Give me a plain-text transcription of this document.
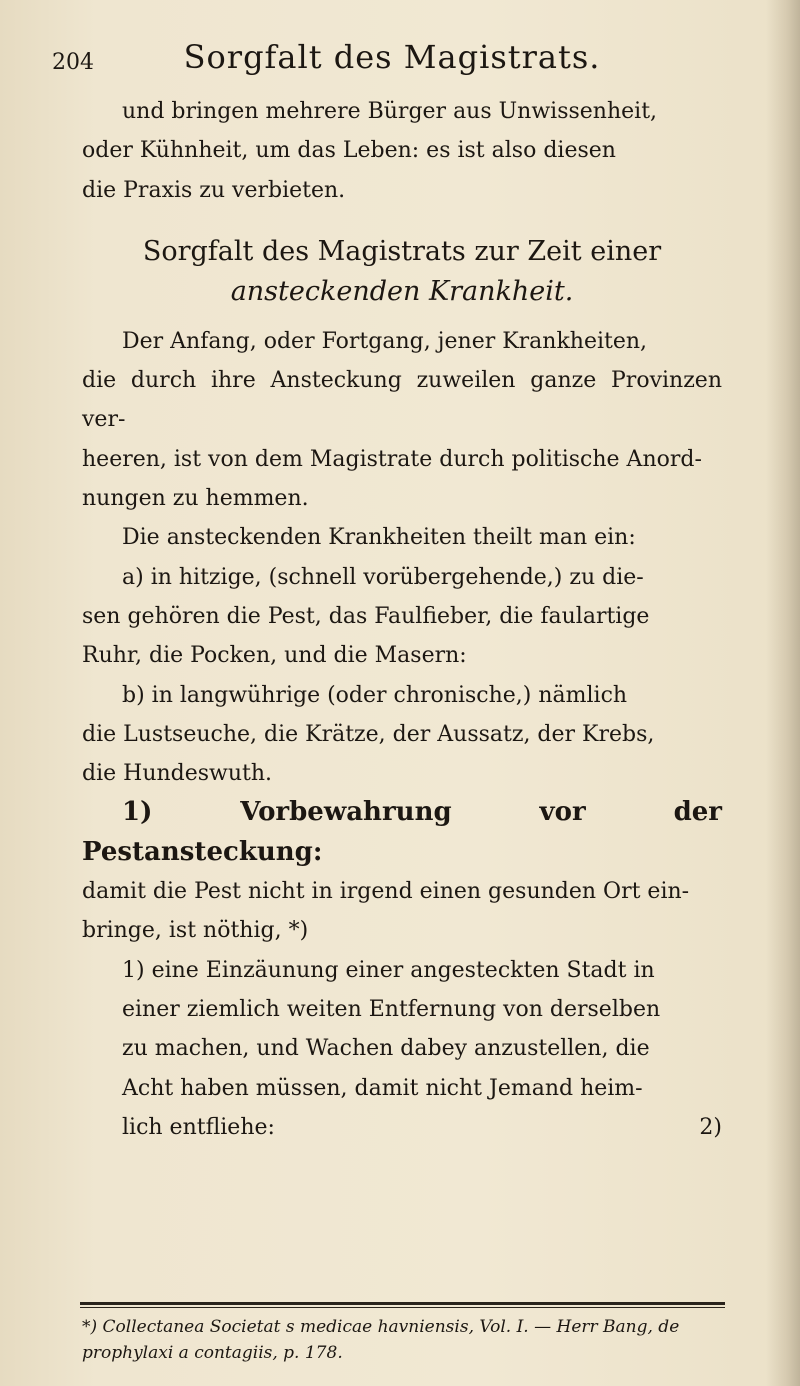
204	Sorgfalt des Magistrats.

und bringen mehrere Bürger aus Unwissenheit,

oder Kühnheit, um das Leben: es ist also diesen

die Praxis zu verbieten.

Sorgfalt des Magistrats zur Zeit einer
ansteckenden Krankheit.

Der Anfang, oder Fortgang, jener Krankheiten,

die durch ihre Ansteckung zuweilen ganze Provinzen ver-

heeren, ist von dem Magistrate durch politische Anord-

nungen zu hemmen.

Die ansteckenden Krankheiten theilt man ein:

a) in hitzige, (schnell vorübergehende,) zu die-

sen gehören die Pest, das Faulfieber, die faulartige

Ruhr, die Pocken, und die Masern:

b) in langwührige (oder chronische,) nämlich

die Lustseuche, die Krätze, der Aussatz, der Krebs,

die Hundeswuth.

1) Vorbewahrung vor der Pestansteckung:

damit die Pest nicht in irgend einen gesunden Ort ein-

bringe, ist nöthig, *)

1) eine Einzäunung einer angesteckten Stadt in

einer ziemlich weiten Entfernung von derselben

zu machen, und Wachen dabey anzustellen, die

Acht haben müssen, damit nicht Jemand heim-

lich entfliehe:	2)

*) Collectanea Societat s medicae havniensis, Vol. I. — Herr Bang, de prophylaxi a contagiis, p. 178.
